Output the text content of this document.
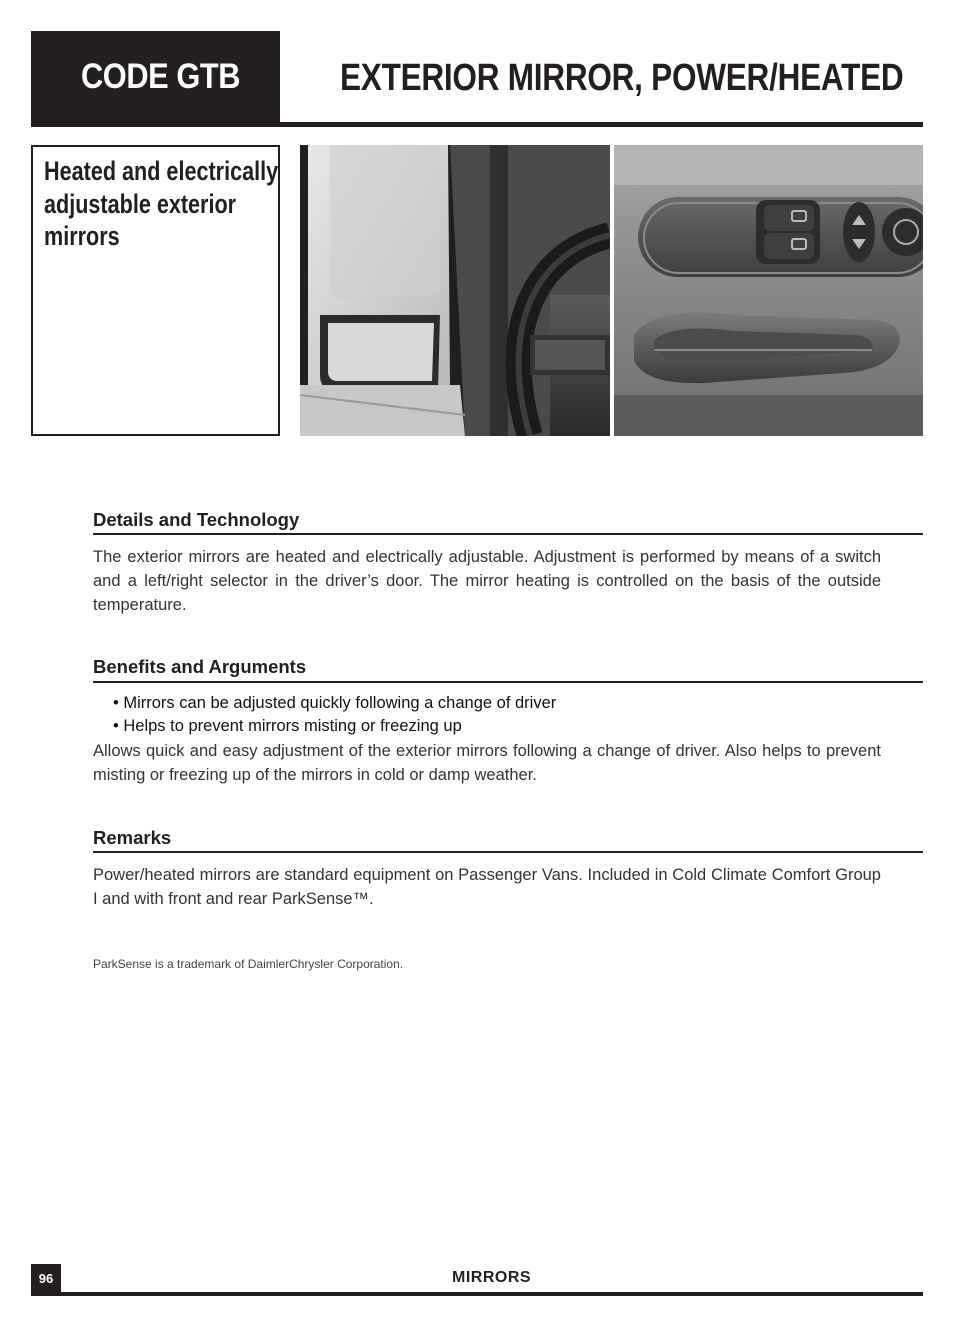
CODE GTB	EXTERIOR MIRROR, POWER/HEATED

Heated and electrically adjustable exterior mirrors

Details and Technology

The exterior mirrors are heated and electrically adjustable. Adjustment is performed by means of a switch and a left/right selector in the driver’s door. The mirror heating is controlled on the basis of the outside temperature.

Benefits and Arguments
• Mirrors can be adjusted quickly following a change of driver
• Helps to prevent mirrors misting or freezing up

Allows quick and easy adjustment of the exterior mirrors following a change of driver. Also helps to prevent misting or freezing up of the mirrors in cold or damp weather.

Remarks

Power/heated mirrors are standard equipment on Passenger Vans. Included in Cold Climate Comfort Group I and with front and rear ParkSense™.

ParkSense is a trademark of DaimlerChrysler Corporation.
96	MIRRORS
